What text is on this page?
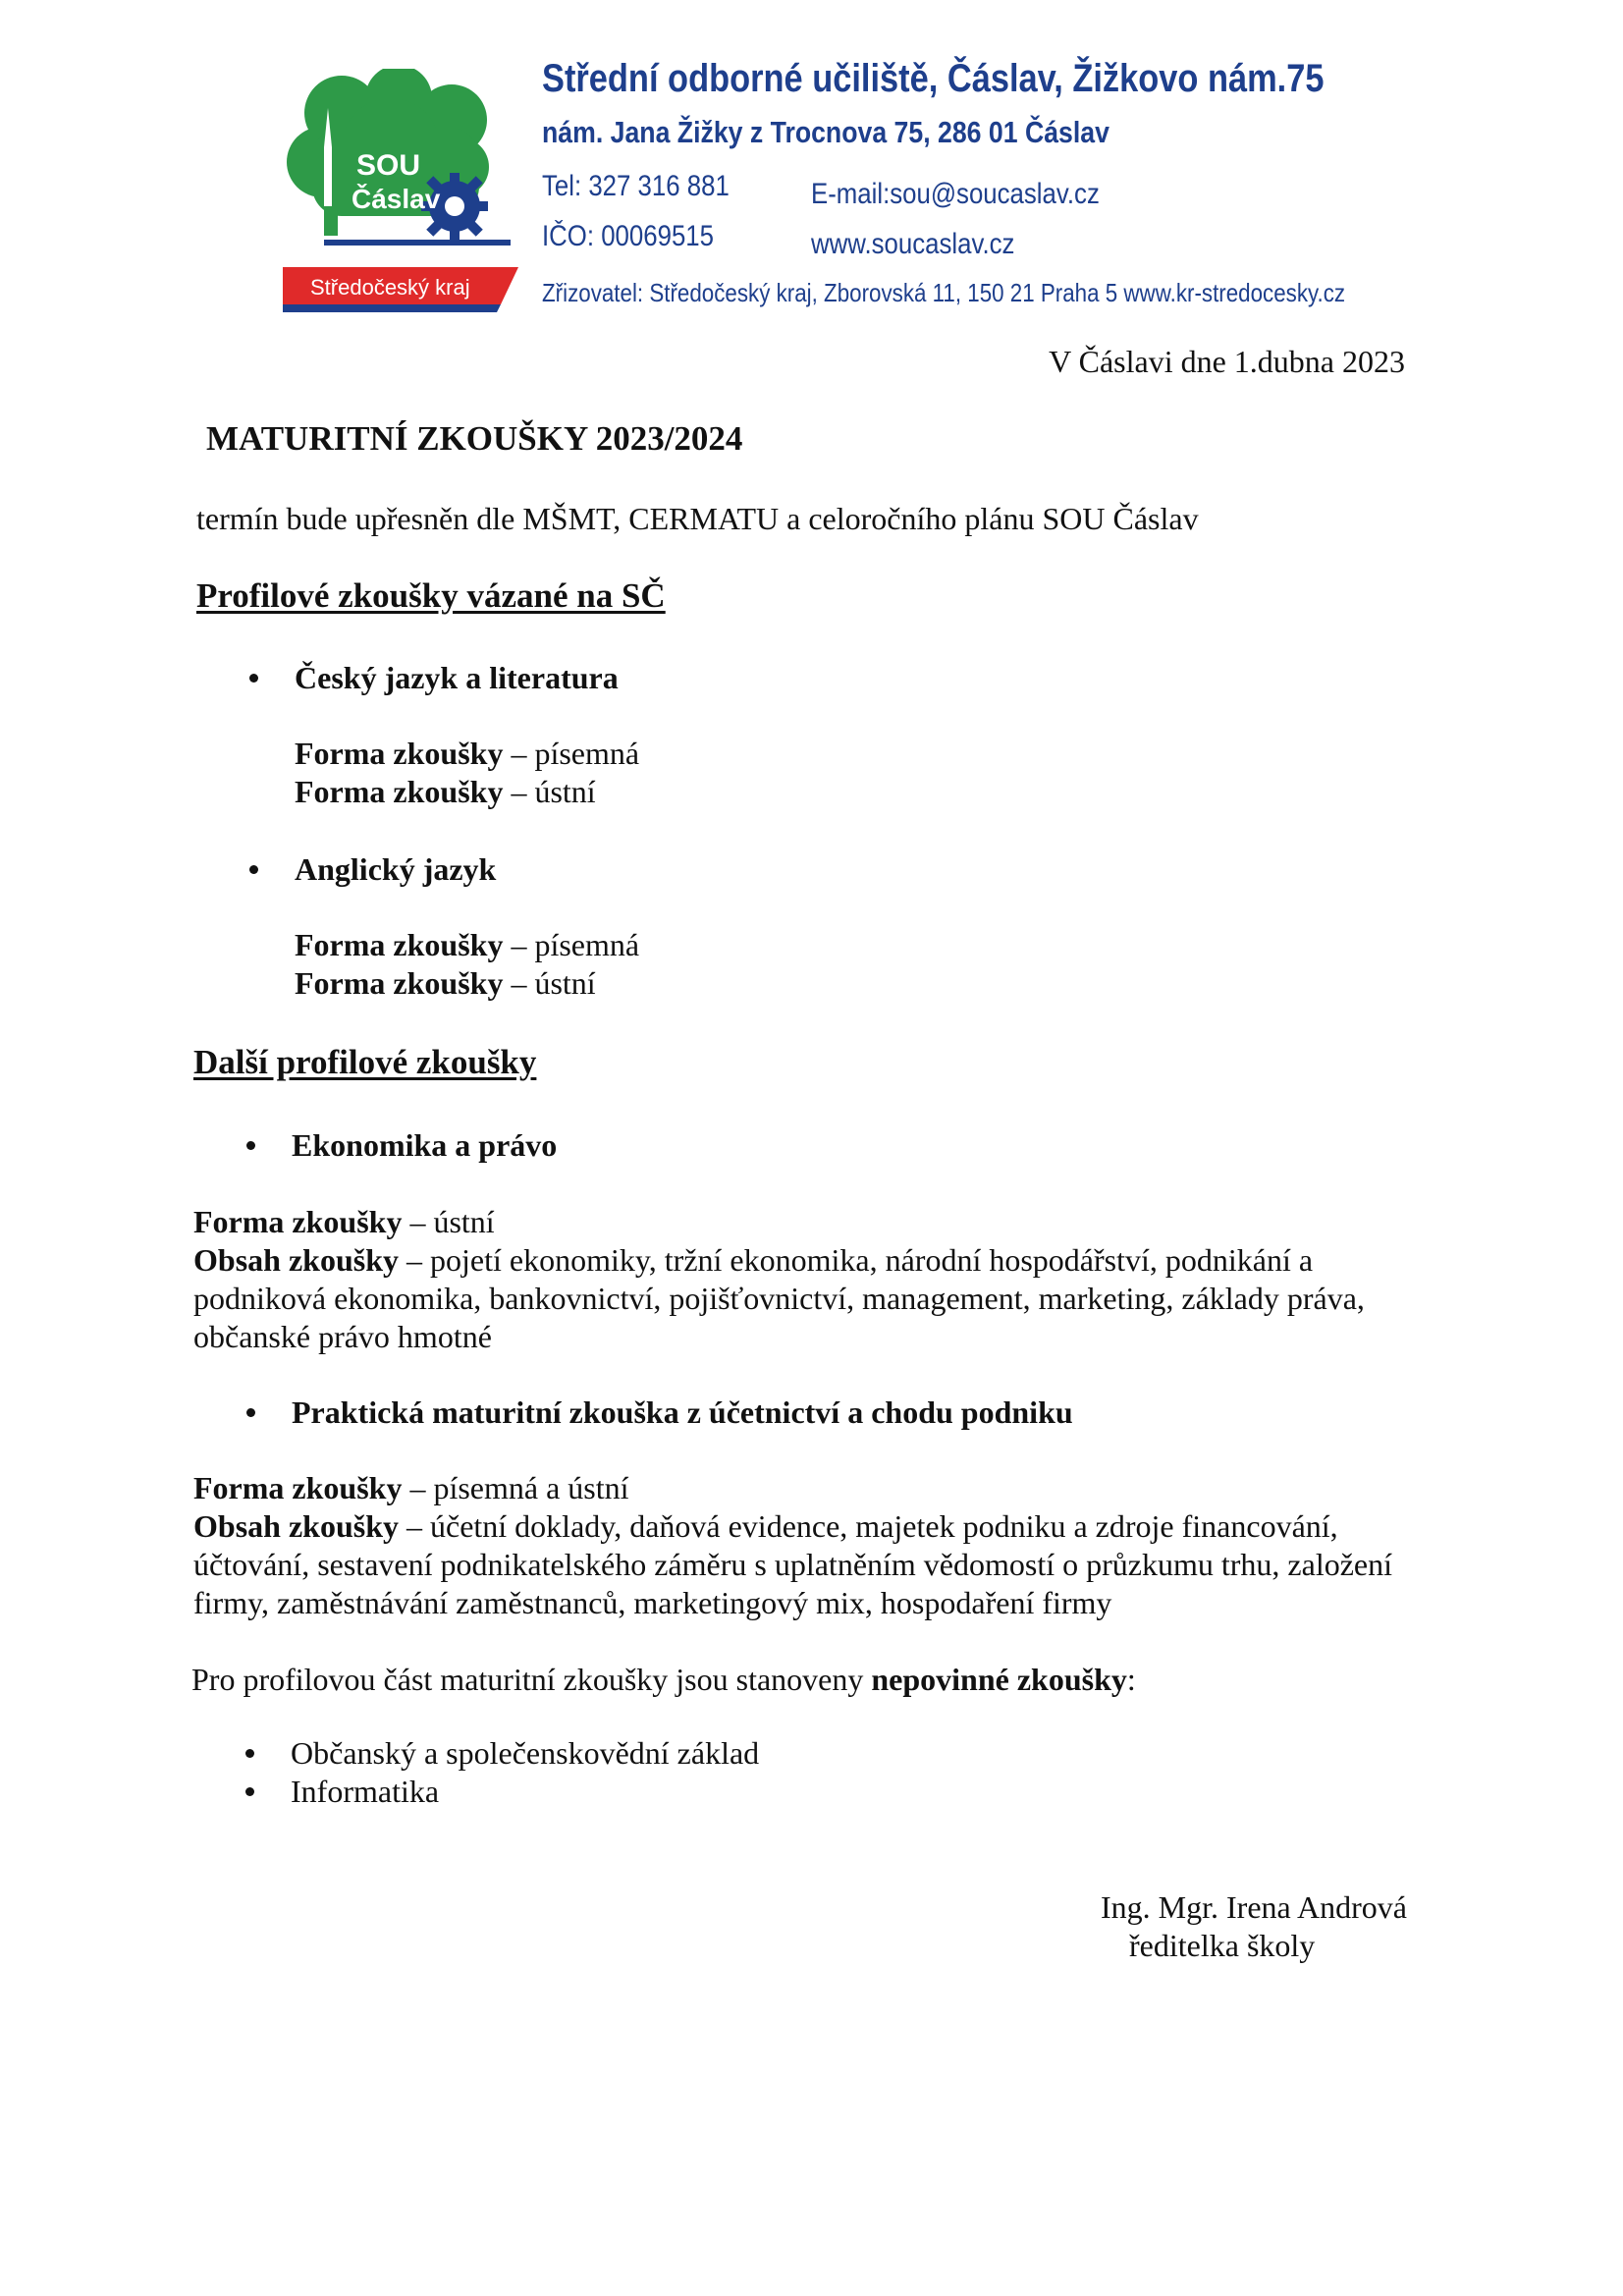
SOU
Čáslav
Středočeský kraj
Střední odborné učiliště, Čáslav, Žižkovo nám.75
nám. Jana Žižky z Trocnova 75, 286 01 Čáslav
Tel: 327 316 881
IČO: 00069515
E-mail:sou@soucaslav.cz
www.soucaslav.cz
Zřizovatel: Středočeský kraj, Zborovská 11, 150 21 Praha 5 www.kr-stredocesky.cz
V Čáslavi dne 1.dubna 2023
MATURITNÍ ZKOUŠKY 2023/2024
termín bude upřesněn dle MŠMT, CERMATU a celoročního plánu SOU Čáslav
Profilové zkoušky vázané na SČ
Český jazyk a literatura
Forma zkoušky – písemná
Forma zkoušky – ústní
Anglický jazyk
Forma zkoušky – písemná
Forma zkoušky – ústní
Další profilové zkoušky
Ekonomika a právo
Forma zkoušky – ústní
Obsah zkoušky – pojetí ekonomiky, tržní ekonomika, národní hospodářství, podnikání a podniková ekonomika, bankovnictví, pojišťovnictví, management, marketing, základy práva, občanské právo hmotné
Praktická maturitní zkouška z účetnictví a chodu podniku
Forma zkoušky – písemná a ústní
Obsah zkoušky – účetní doklady, daňová evidence, majetek podniku a zdroje financování, účtování, sestavení podnikatelského záměru s uplatněním vědomostí o průzkumu trhu, založení firmy, zaměstnávání zaměstnanců, marketingový mix, hospodaření firmy
Pro profilovou část maturitní zkoušky jsou stanoveny nepovinné zkoušky:
Občanský a společenskovědní základ
Informatika
Ing. Mgr. Irena Andrová
ředitelka školy
